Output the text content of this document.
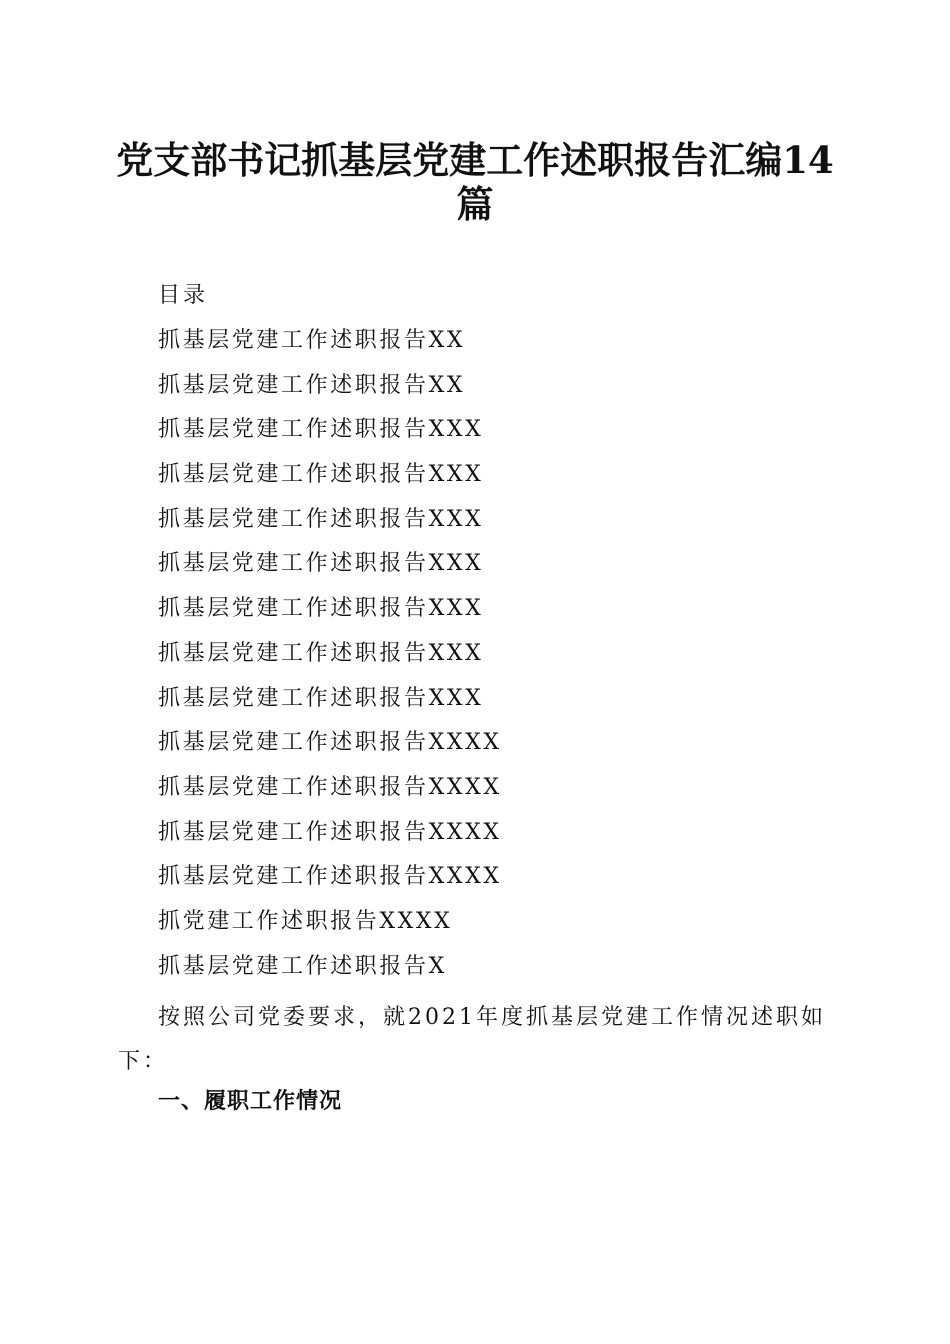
党支部书记抓基层党建工作述职报告汇编14
篇

目录

抓基层党建工作述职报告XX
抓基层党建工作述职报告XX
抓基层党建工作述职报告XXX
抓基层党建工作述职报告XXX
抓基层党建工作述职报告XXX
抓基层党建工作述职报告XXX
抓基层党建工作述职报告XXX
抓基层党建工作述职报告XXX
抓基层党建工作述职报告XXX
抓基层党建工作述职报告XXXX
抓基层党建工作述职报告XXXX
抓基层党建工作述职报告XXXX
抓基层党建工作述职报告XXXX
抓党建工作述职报告XXXX
抓基层党建工作述职报告X

按照公司党委要求，就2021年度抓基层党建工作情况述职如下：

一、履职工作情况
